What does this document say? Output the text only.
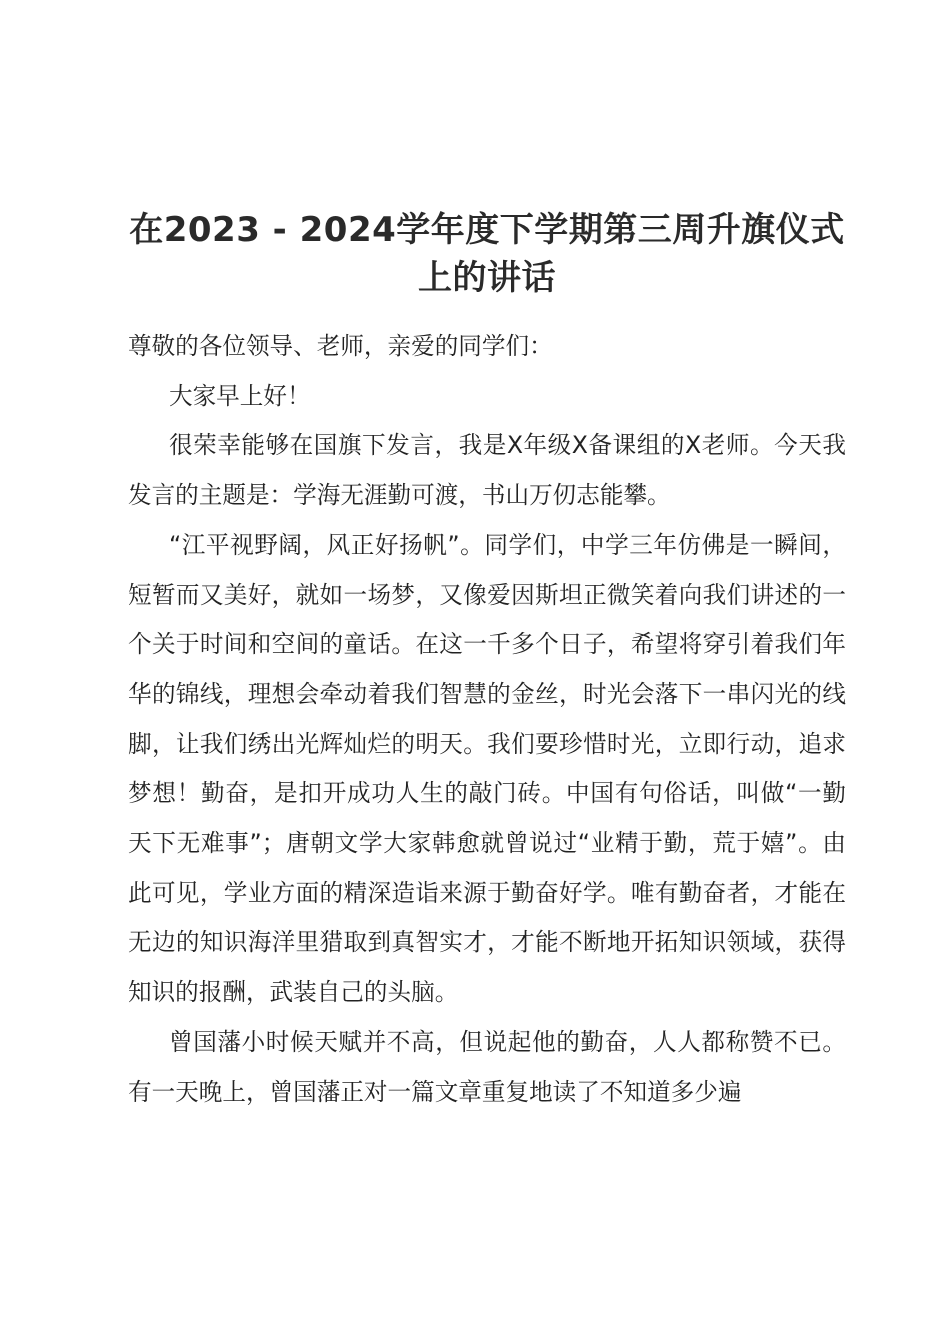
在2023 - 2024学年度下学期第三周升旗仪式上的讲话

尊敬的各位领导、老师，亲爱的同学们：

大家早上好！

很荣幸能够在国旗下发言，我是X年级X备课组的X老师。今天我发言的主题是：学海无涯勤可渡，书山万仞志能攀。

“江平视野阔，风正好扬帆”。同学们，中学三年仿佛是一瞬间，短暂而又美好，就如一场梦，又像爱因斯坦正微笑着向我们讲述的一个关于时间和空间的童话。在这一千多个日子，希望将穿引着我们年华的锦线，理想会牵动着我们智慧的金丝，时光会落下一串闪光的线脚，让我们绣出光辉灿烂的明天。我们要珍惜时光，立即行动，追求梦想！勤奋，是扣开成功人生的敲门砖。中国有句俗话，叫做“一勤天下无难事”；唐朝文学大家韩愈就曾说过“业精于勤，荒于嬉”。由此可见，学业方面的精深造诣来源于勤奋好学。唯有勤奋者，才能在无边的知识海洋里猎取到真智实才，才能不断地开拓知识领域，获得知识的报酬，武装自己的头脑。

曾国藩小时候天赋并不高，但说起他的勤奋，人人都称赞不已。有一天晚上，曾国藩正对一篇文章重复地读了不知道多少遍
